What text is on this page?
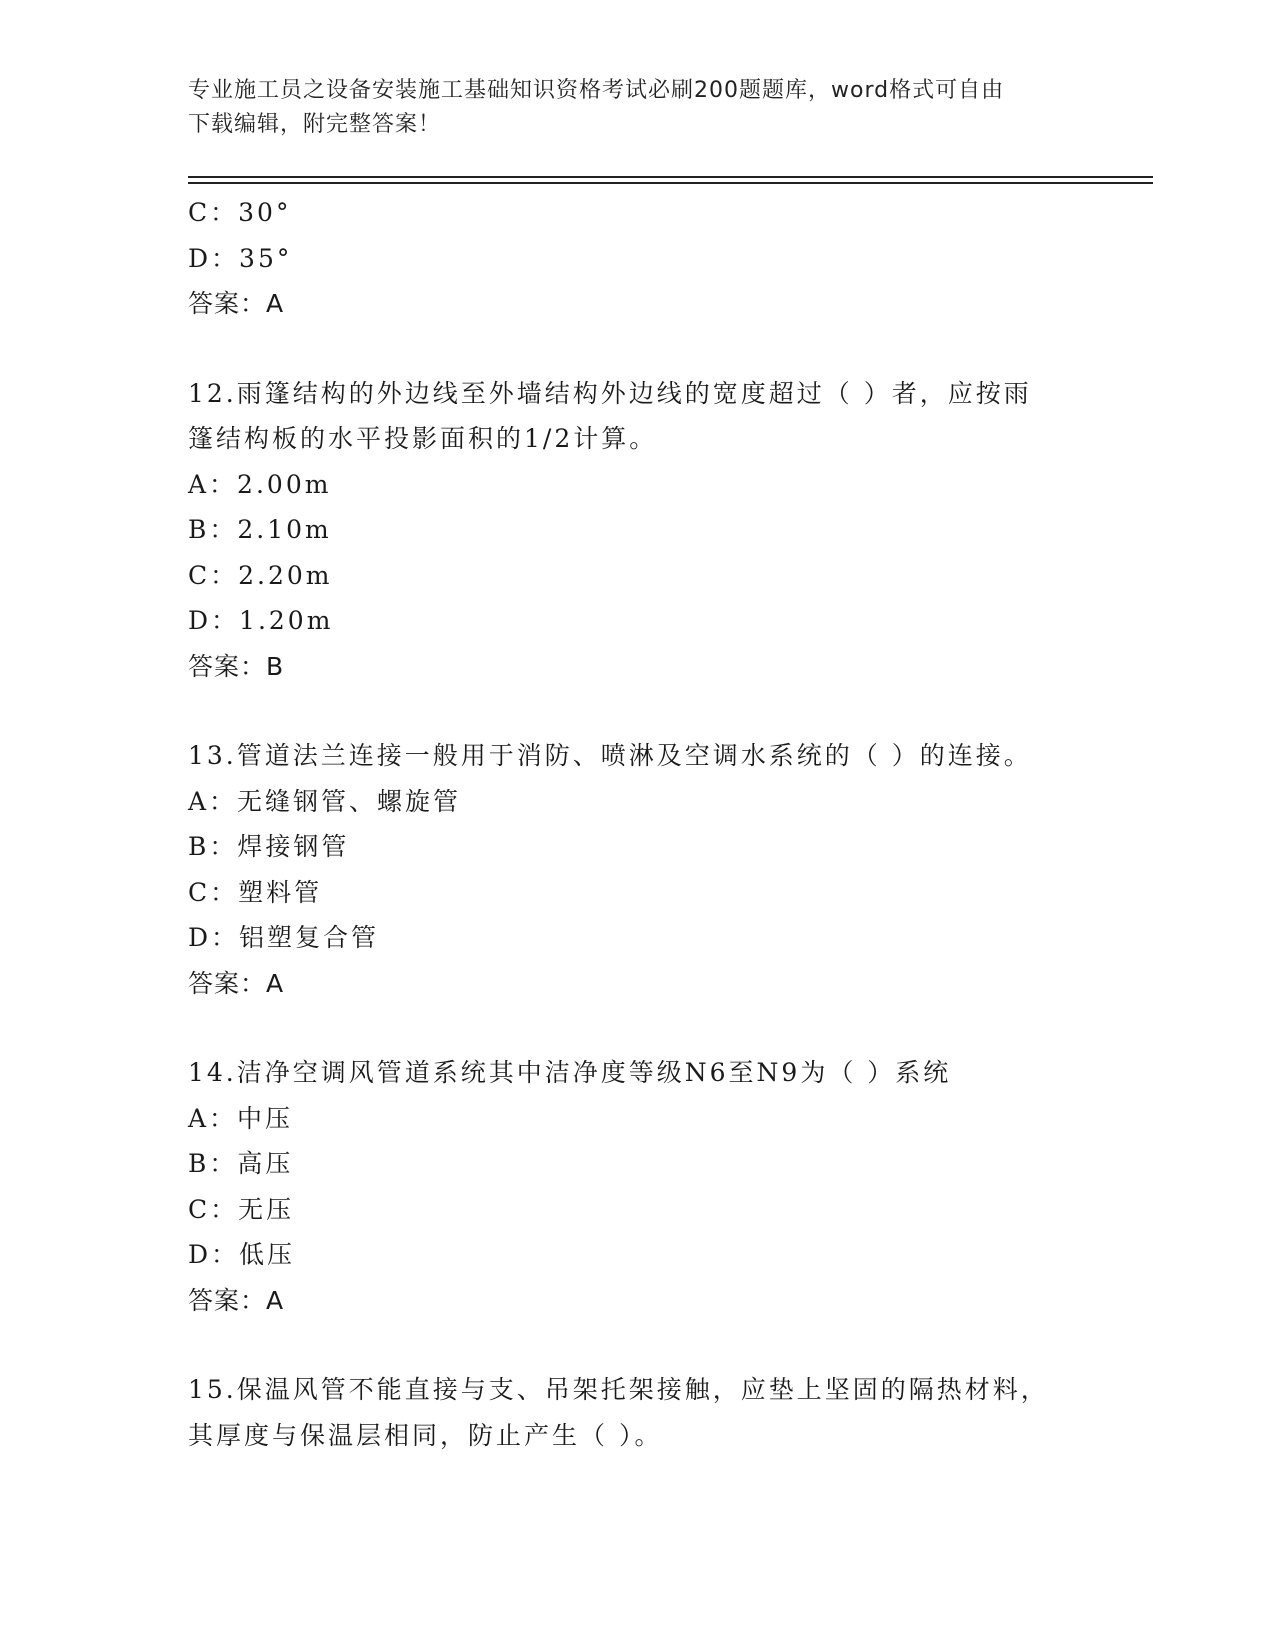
专业施工员之设备安装施工基础知识资格考试必刷200题题库，word格式可自由
下载编辑，附完整答案！
C：30°
D：35°
答案：A
12.雨篷结构的外边线至外墙结构外边线的宽度超过（ ）者，应按雨
篷结构板的水平投影面积的1/2计算。
A：2.00m
B：2.10m
C：2.20m
D：1.20m
答案：B
13.管道法兰连接一般用于消防、喷淋及空调水系统的（ ）的连接。
A：无缝钢管、螺旋管
B：焊接钢管
C：塑料管
D：铝塑复合管
答案：A
14.洁净空调风管道系统其中洁净度等级N6至N9为（ ）系统
A：中压
B：高压
C：无压
D：低压
答案：A
15.保温风管不能直接与支、吊架托架接触，应垫上坚固的隔热材料，
其厚度与保温层相同，防止产生（ ）。
